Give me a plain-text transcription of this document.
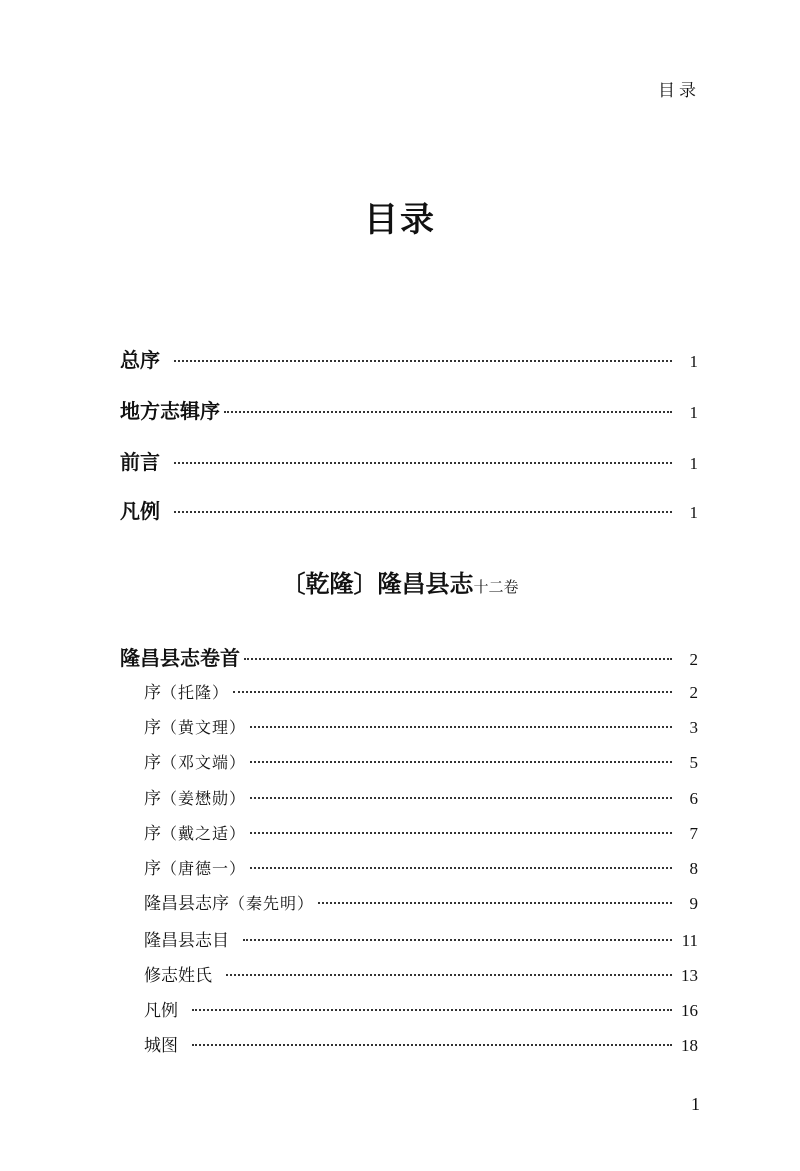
目录
目录
总序	1
地方志辑序	1
前言	1
凡例	1
〔乾隆〕隆昌县志十二卷
隆昌县志卷首	2
序（托隆）	2
序（黄文理）	3
序（邓文端）	5
序（姜懋勋）	6
序（戴之适）	7
序（唐德一）	8
隆昌县志序（秦先明）	9
隆昌县志目	11
修志姓氏	13
凡例	16
城图	18
1
